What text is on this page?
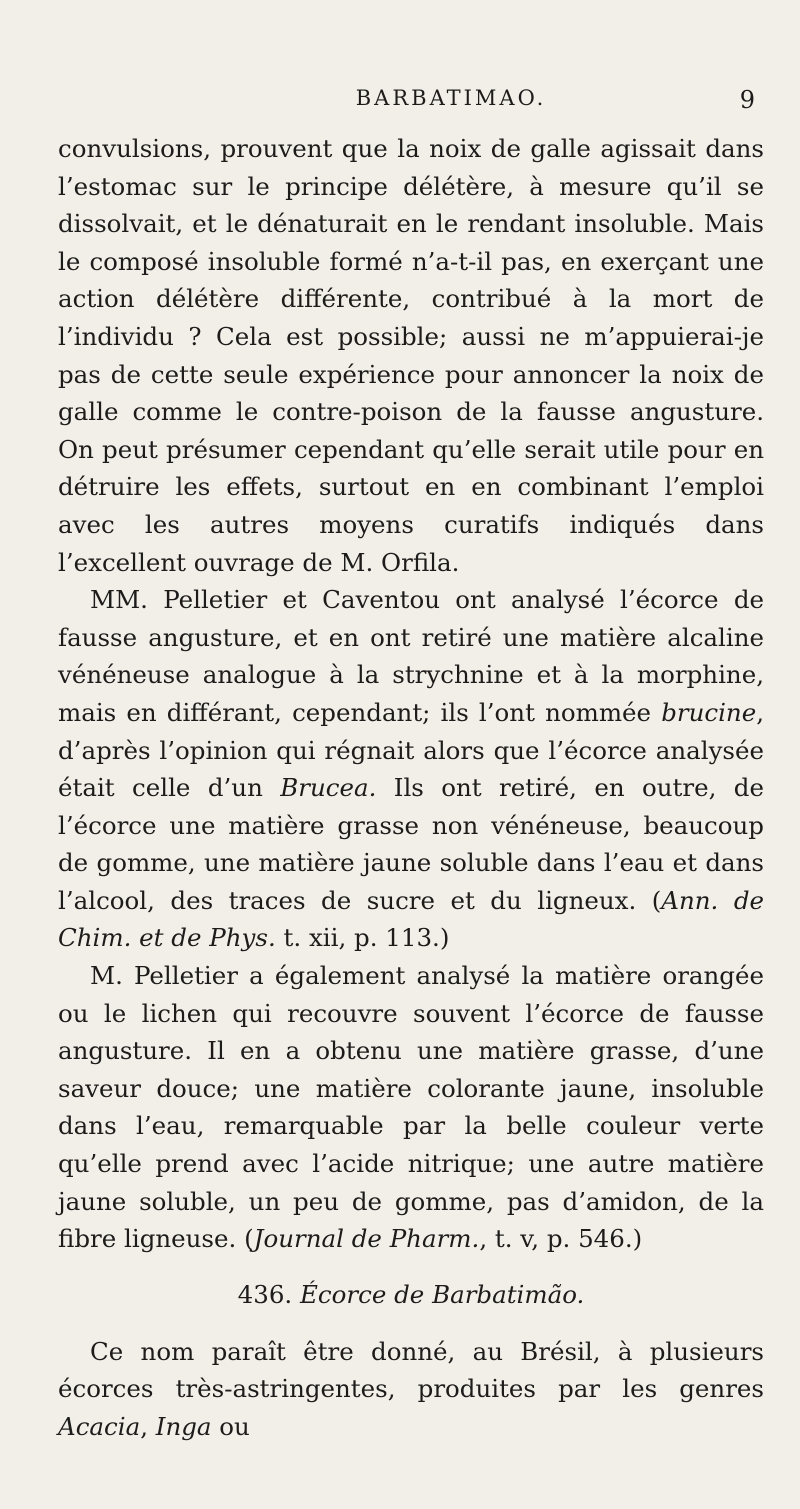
BARBATIMAO.	9

convulsions, prouvent que la noix de galle agissait dans l’estomac sur le principe délétère, à mesure qu’il se dissolvait, et le dénaturait en le rendant insoluble. Mais le composé insoluble formé n’a-t-il pas, en exerçant une action délétère différente, contribué à la mort de l’individu ? Cela est possible; aussi ne m’appuierai-je pas de cette seule expérience pour annoncer la noix de galle comme le contre-poison de la fausse angusture. On peut présumer cependant qu’elle serait utile pour en détruire les effets, surtout en en combinant l’emploi avec les autres moyens curatifs indiqués dans l’excellent ouvrage de M. Orfila.

MM. Pelletier et Caventou ont analysé l’écorce de fausse angusture, et en ont retiré une matière alcaline vénéneuse analogue à la strychnine et à la morphine, mais en différant, cependant; ils l’ont nommée brucine, d’après l’opinion qui régnait alors que l’écorce analysée était celle d’un Brucea. Ils ont retiré, en outre, de l’écorce une matière grasse non vénéneuse, beaucoup de gomme, une matière jaune soluble dans l’eau et dans l’alcool, des traces de sucre et du ligneux. (Ann. de Chim. et de Phys. t. xii, p. 113.)

M. Pelletier a également analysé la matière orangée ou le lichen qui recouvre souvent l’écorce de fausse angusture. Il en a obtenu une matière grasse, d’une saveur douce; une matière colorante jaune, insoluble dans l’eau, remarquable par la belle couleur verte qu’elle prend avec l’acide nitrique; une autre matière jaune soluble, un peu de gomme, pas d’amidon, de la fibre ligneuse. (Journal de Pharm., t. v, p. 546.)

436. Écorce de Barbatimão.

Ce nom paraît être donné, au Brésil, à plusieurs écorces très-astringentes, produites par les genres Acacia, Inga ou
